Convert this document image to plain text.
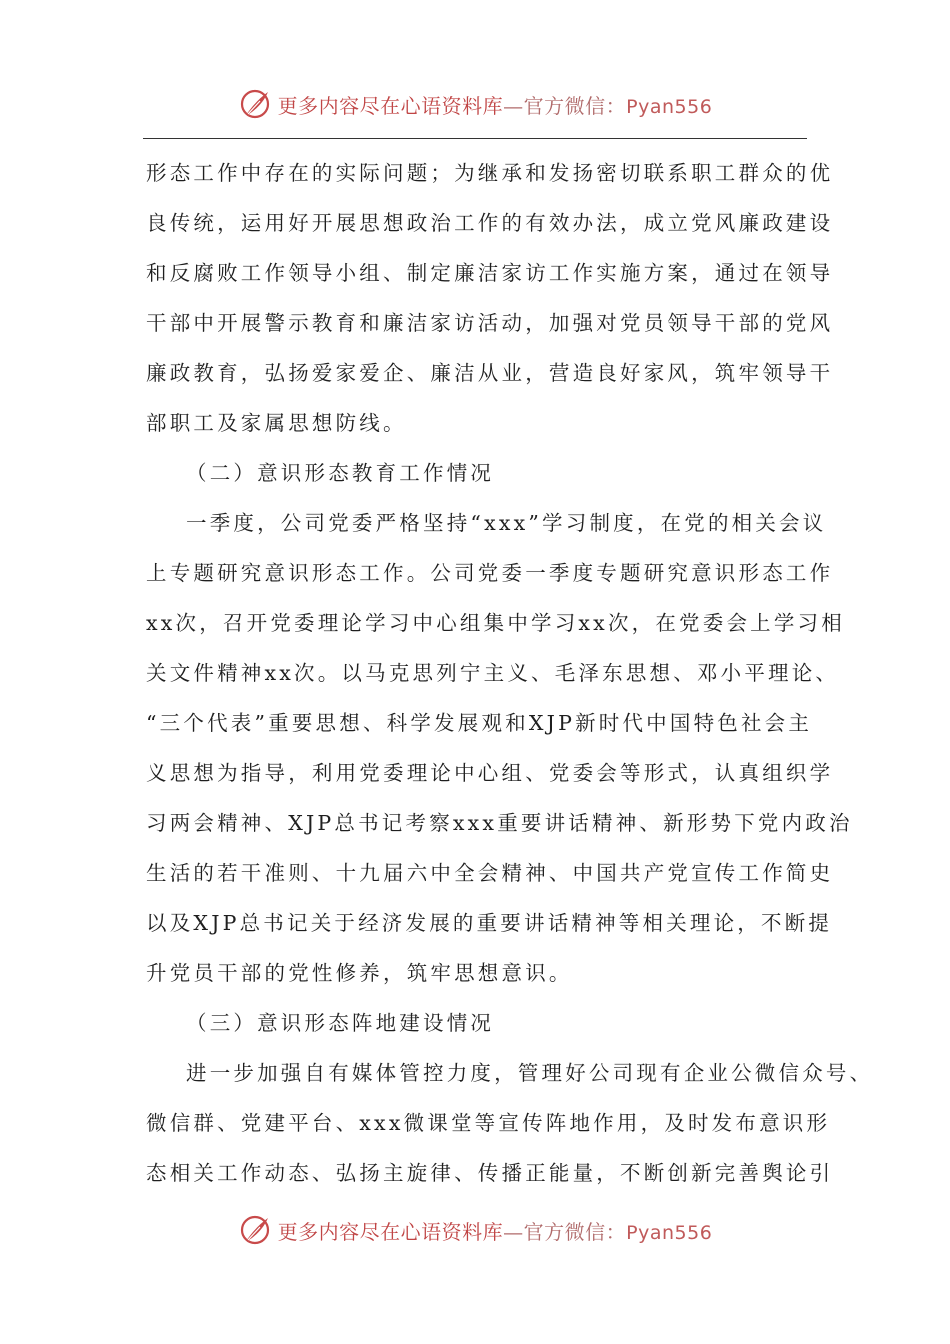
更多内容尽在心语资料库—官方微信：Pyan556
形态工作中存在的实际问题；为继承和发扬密切联系职工群众的优
良传统，运用好开展思想政治工作的有效办法，成立党风廉政建设
和反腐败工作领导小组、制定廉洁家访工作实施方案，通过在领导
干部中开展警示教育和廉洁家访活动，加强对党员领导干部的党风
廉政教育，弘扬爱家爱企、廉洁从业，营造良好家风，筑牢领导干
部职工及家属思想防线。
（二）意识形态教育工作情况
一季度，公司党委严格坚持“xxx”学习制度，在党的相关会议
上专题研究意识形态工作。公司党委一季度专题研究意识形态工作
xx次，召开党委理论学习中心组集中学习xx次，在党委会上学习相
关文件精神xx次。以马克思列宁主义、毛泽东思想、邓小平理论、
“三个代表”重要思想、科学发展观和XJP新时代中国特色社会主
义思想为指导，利用党委理论中心组、党委会等形式，认真组织学
习两会精神、XJP总书记考察xxx重要讲话精神、新形势下党内政治
生活的若干准则、十九届六中全会精神、中国共产党宣传工作简史
以及XJP总书记关于经济发展的重要讲话精神等相关理论，不断提
升党员干部的党性修养，筑牢思想意识。
（三）意识形态阵地建设情况
进一步加强自有媒体管控力度，管理好公司现有企业公微信众号、
微信群、党建平台、xxx微课堂等宣传阵地作用，及时发布意识形
态相关工作动态、弘扬主旋律、传播正能量，不断创新完善舆论引
更多内容尽在心语资料库—官方微信：Pyan556
